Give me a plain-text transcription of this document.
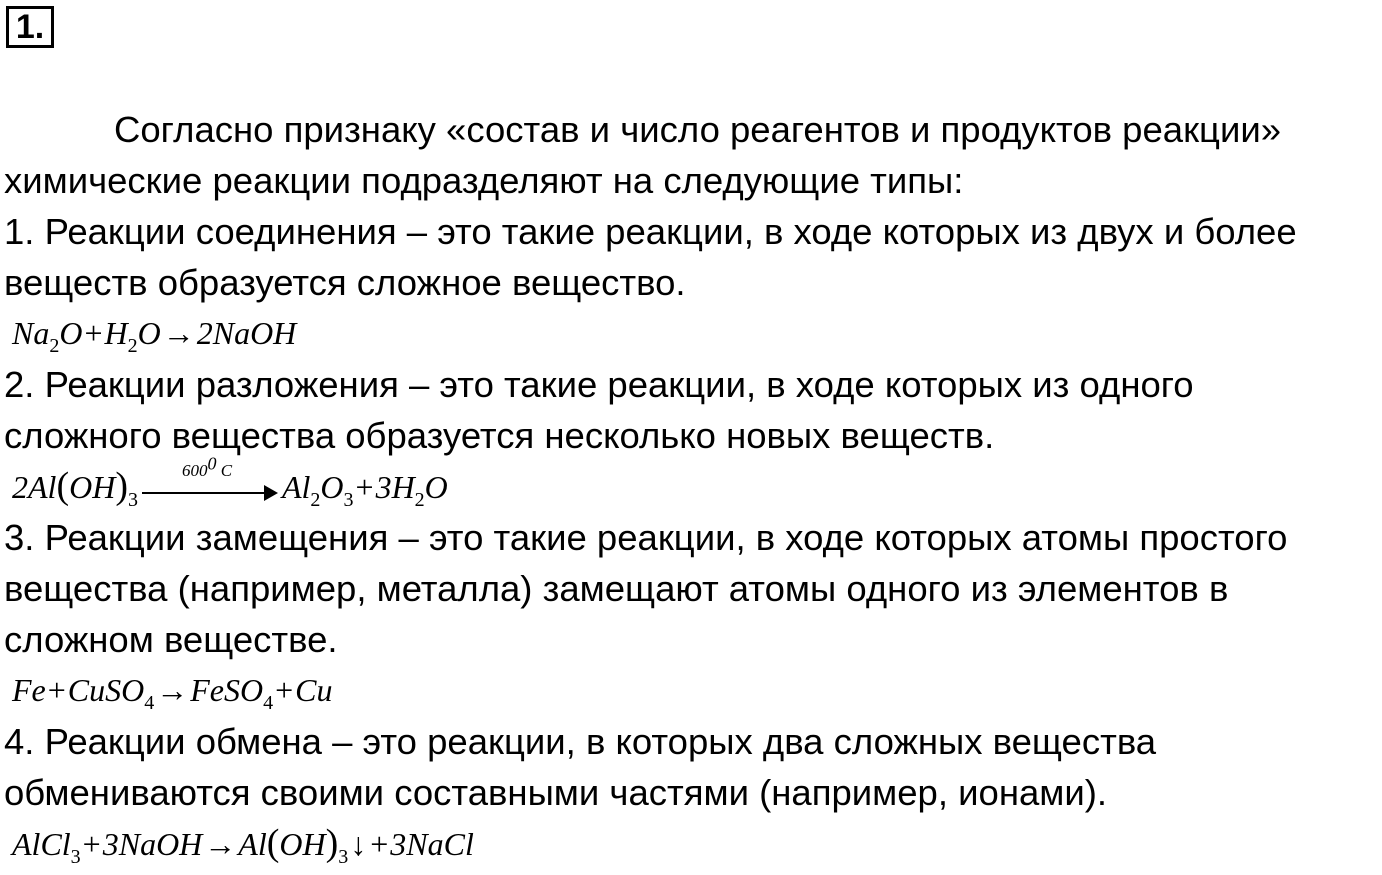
1.

Согласно признаку «состав и число реагентов и продуктов реакции»

химические реакции подразделяют на следующие типы:

1. Реакции соединения – это такие реакции, в ходе которых из двух и более

веществ образуется сложное вещество.

$Na_2O+H_2O\to 2NaOH$

2. Реакции разложения – это такие реакции, в ходе которых из одного

сложного вещества образуется несколько новых веществ.

$2Al(OH)_3$
$600^0$ C $Al_2O_3+3H_2O$

3. Реакции замещения – это такие реакции, в ходе которых атомы простого

вещества (например, металла) замещают атомы одного из элементов в

сложном веществе.

Fe+CuSO$_4$→FeSO$_4$+Cu

4. Реакции обмена – это реакции, в которых два сложных вещества

обмениваются своими составными частями (например, ионами).

$AlCl_3+3NaOH\to Al(OH)_3↓$ +3NaCl
